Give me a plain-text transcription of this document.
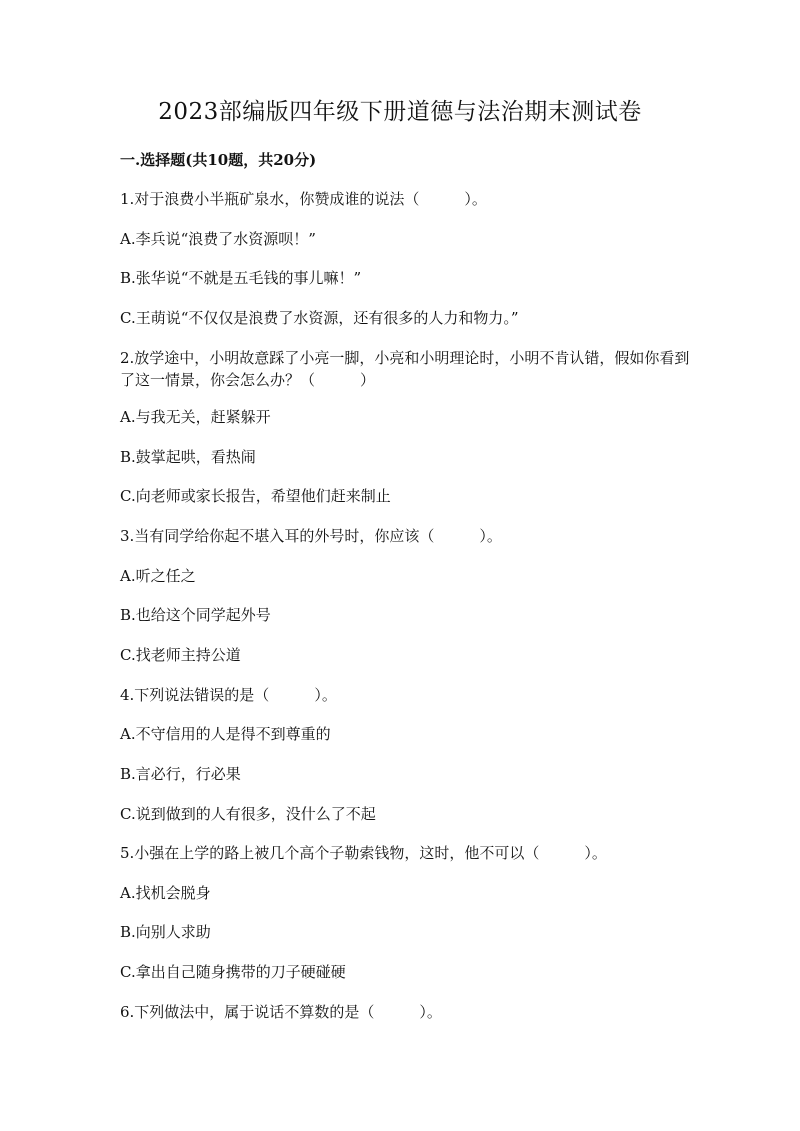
2023部编版四年级下册道德与法治期末测试卷
一.选择题(共10题，共20分)
1.对于浪费小半瓶矿泉水，你赞成谁的说法（　　　）。
A.李兵说“浪费了水资源呗！”
B.张华说“不就是五毛钱的事儿嘛！”
C.王萌说“不仅仅是浪费了水资源，还有很多的人力和物力。”
2.放学途中，小明故意踩了小亮一脚，小亮和小明理论时，小明不肯认错，假如你看到了这一情景，你会怎么办？（　　　）
A.与我无关，赶紧躲开
B.鼓掌起哄，看热闹
C.向老师或家长报告，希望他们赶来制止
3.当有同学给你起不堪入耳的外号时，你应该（　　　）。
A.听之任之
B.也给这个同学起外号
C.找老师主持公道
4.下列说法错误的是（　　　）。
A.不守信用的人是得不到尊重的
B.言必行，行必果
C.说到做到的人有很多，没什么了不起
5.小强在上学的路上被几个高个子勒索钱物，这时，他不可以（　　　）。
A.找机会脱身
B.向别人求助
C.拿出自己随身携带的刀子硬碰硬
6.下列做法中，属于说话不算数的是（　　　）。
